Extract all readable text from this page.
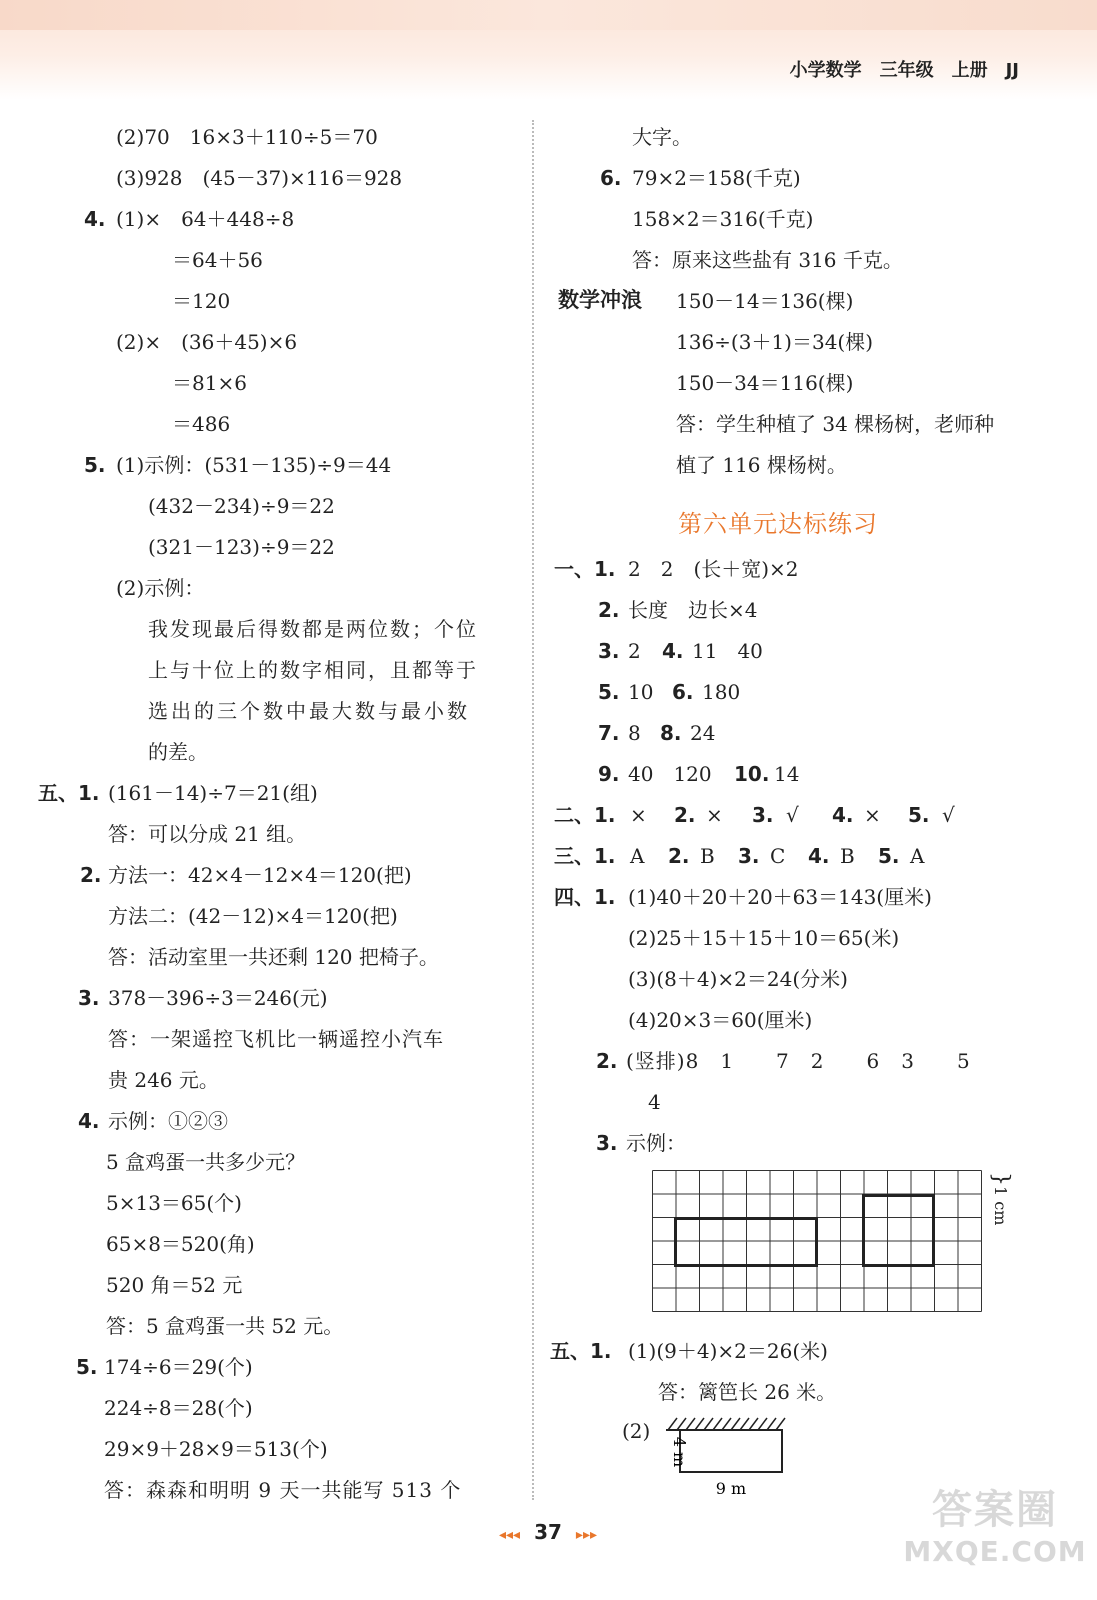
小学数学 三年级 上册 JJ
(2)70　16×3＋110÷5＝70
(3)928　(45－37)×116＝928
4. (1)×　64＋448÷8
＝64＋56
＝120
(2)×　(36＋45)×6
＝81×6
＝486
5. (1)示例：(531－135)÷9＝44
(432－234)÷9＝22
(321－123)÷9＝22
(2)示例：
我发现最后得数都是两位数；个位
上与十位上的数字相同，且都等于
选出的三个数中最大数与最小数
的差。
五、1. (161－14)÷7＝21(组)
答：可以分成 21 组。
2. 方法一：42×4－12×4＝120(把)
方法二：(42－12)×4＝120(把)
答：活动室里一共还剩 120 把椅子。
3. 378－396÷3＝246(元)
答：一架遥控飞机比一辆遥控小汽车
贵 246 元。
4. 示例：①②③
5 盒鸡蛋一共多少元？
5×13＝65(个)
65×8＝520(角)
520 角＝52 元
答：5 盒鸡蛋一共 52 元。
5. 174÷6＝29(个)
224÷8＝28(个)
29×9＋28×9＝513(个)
答：森森和明明 9 天一共能写 513 个
大字。
6. 79×2＝158(千克)
158×2＝316(千克)
答：原来这些盐有 316 千克。
数学冲浪 150－14＝136(棵)
136÷(3＋1)＝34(棵)
150－34＝116(棵)
答：学生种植了 34 棵杨树，老师种
植了 116 棵杨树。
第六单元达标练习
一、1. 2　2　(长＋宽)×2
2. 长度　边长×4
3. 2 4. 11　40
5. 10 6. 180
7. 8 8. 24
9. 40　120 10. 14
二、1. × 2. × 3. √ 4. × 5. √
三、1. A 2. B 3. C 4. B 5. A
四、1. (1)40＋20＋20＋63＝143(厘米)
(2)25＋15＋15＋10＝65(米)
(3)(8＋4)×2＝24(分米)
(4)20×3＝60(厘米)
2. (竖排)8　1　　7　2　　6　3　　5
4
3. 示例：
}1 cm
五、1. (1)(9＋4)×2＝26(米)
答：篱笆长 26 米。
(2)
4 m
9 m
◂◂◂ 37 ▸▸▸
答案圈
MXQE.COM
